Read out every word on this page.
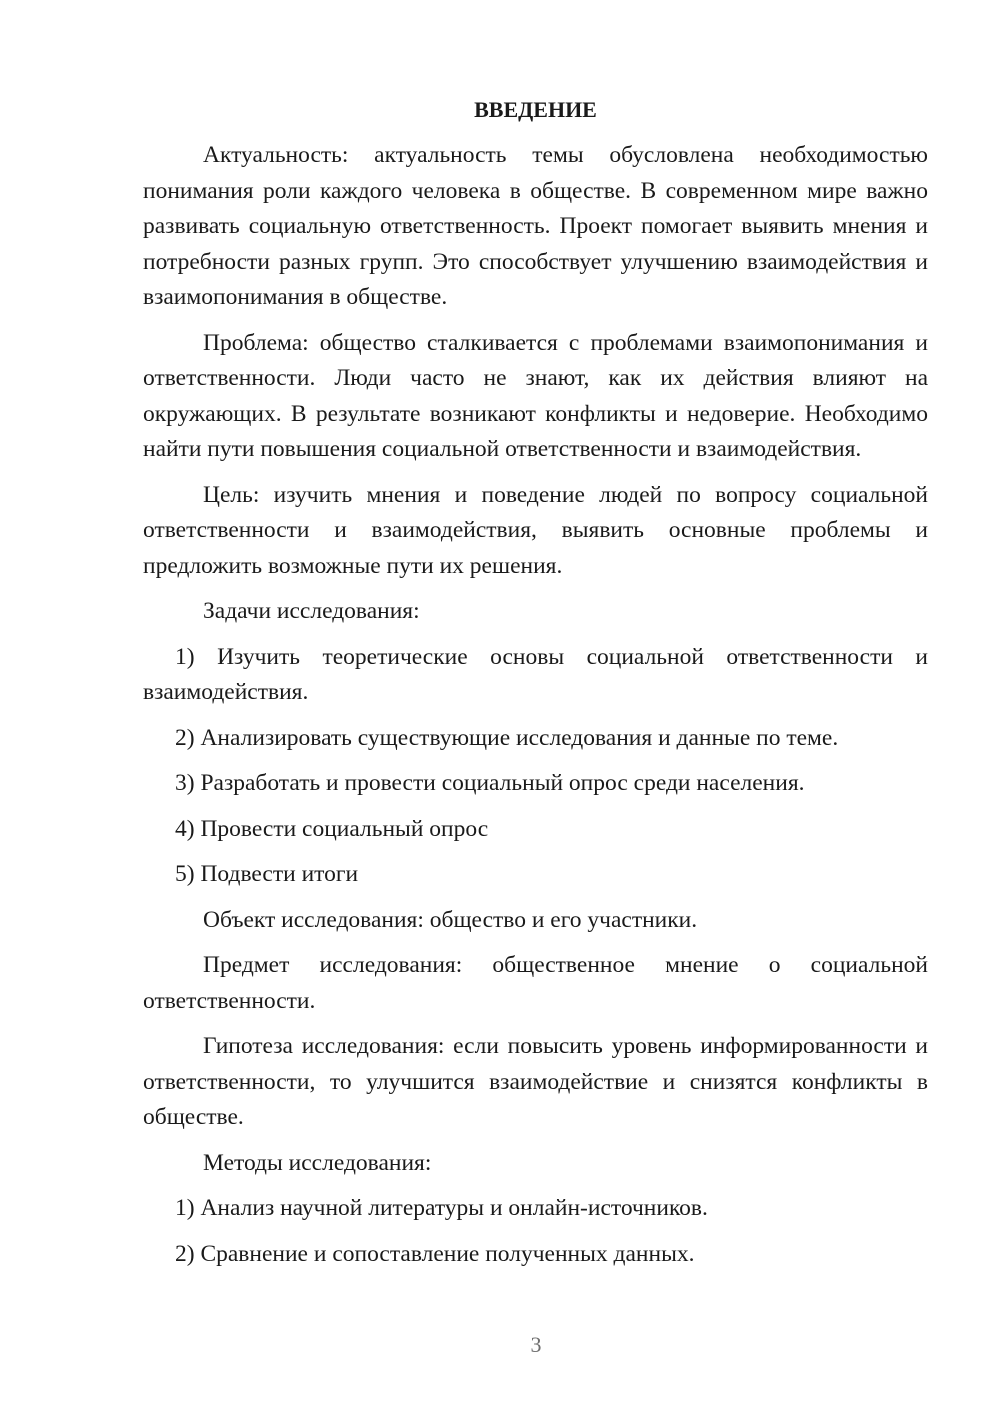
ВВЕДЕНИЕ
Актуальность: актуальность темы обусловлена необходимостью понимания роли каждого человека в обществе. В современном мире важно развивать социальную ответственность. Проект помогает выявить мнения и потребности разных групп. Это способствует улучшению взаимодействия и взаимопонимания в обществе.
Проблема: общество сталкивается с проблемами взаимопонимания и ответственности. Люди часто не знают, как их действия влияют на окружающих. В результате возникают конфликты и недоверие. Необходимо найти пути повышения социальной ответственности и взаимодействия.
Цель: изучить мнения и поведение людей по вопросу социальной ответственности и взаимодействия, выявить основные проблемы и предложить возможные пути их решения.
Задачи исследования:
1) Изучить теоретические основы социальной ответственности и взаимодействия.
2) Анализировать существующие исследования и данные по теме.
3) Разработать и провести социальный опрос среди населения.
4) Провести социальный опрос
5) Подвести итоги
Объект исследования: общество и его участники.
Предмет исследования: общественное мнение о социальной ответственности.
Гипотеза исследования: если повысить уровень информированности и ответственности, то улучшится взаимодействие и снизятся конфликты в обществе.
Методы исследования:
1) Анализ научной литературы и онлайн-источников.
2) Сравнение и сопоставление полученных данных.
3
